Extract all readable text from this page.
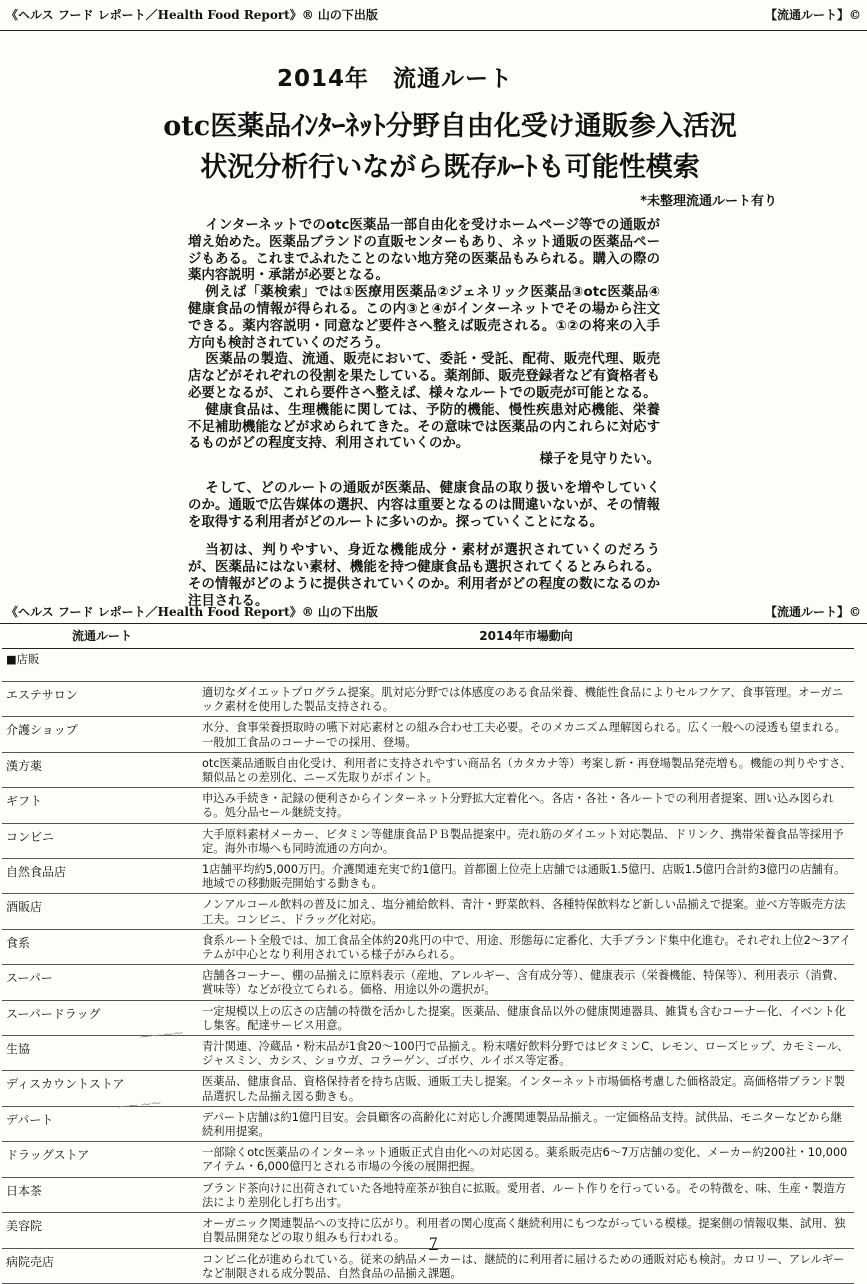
《ヘルス フード レポート／Health Food Report》® 山の下出版	【流通ルート】©
2014年　流通ルート
otc医薬品ｲﾝﾀｰﾈｯﾄ分野自由化受け通販参入活況
状況分析行いながら既存ﾙｰﾄも可能性模索
*未整理流通ルート有り

インターネットでのotc医薬品一部自由化を受けホームページ等での通販が増え始めた。医薬品ブランドの直販センターもあり、ネット通販の医薬品ページもある。これまでふれたことのない地方発の医薬品もみられる。購入の際の薬内容説明・承諾が必要となる。

例えば「薬検索」では①医療用医薬品②ジェネリック医薬品③otc医薬品④健康食品の情報が得られる。この内③と④がインターネットでその場から注文できる。薬内容説明・同意など要件さへ整えば販売される。①②の将来の入手方向も検討されていくのだろう。

医薬品の製造、流通、販売において、委託・受託、配荷、販売代理、販売店などがそれぞれの役割を果たしている。薬剤師、販売登録者など有資格者も必要となるが、これら要件さへ整えば、様々なルートでの販売が可能となる。

健康食品は、生理機能に関しては、予防的機能、慢性疾患対応機能、栄養不足補助機能などが求められてきた。その意味では医薬品の内これらに対応するものがどの程度支持、利用されていくのか。

様子を見守りたい。

そして、どのルートの通販が医薬品、健康食品の取り扱いを増やしていくのか。通販で広告媒体の選択、内容は重要となるのは間違いないが、その情報を取得する利用者がどのルートに多いのか。探っていくことになる。

当初は、判りやすい、身近な機能成分・素材が選択されていくのだろうが、医薬品にはない素材、機能を持つ健康食品も選択されてくるとみられる。その情報がどのように提供されていくのか。利用者がどの程度の数になるのか注目される。

《ヘルス フード レポート／Health Food Report》® 山の下出版	【流通ルート】©
流通ルート	2014年市場動向
■店販	
エステサロン	適切なダイエットプログラム提案。肌対応分野では体感度のある食品栄養、機能性食品によりセルフケア、食事管理。オーガニック素材を使用した製品支持される。
介護ショップ	水分、食事栄養摂取時の嚥下対応素材との組み合わせ工夫必要。そのメカニズム理解図られる。広く一般への浸透も望まれる。一般加工食品のコーナーでの採用、登場。
漢方薬	otc医薬品通販自由化受け、利用者に支持されやすい商品名（カタカナ等）考案し新・再登場製品発売増も。機能の判りやすさ、類似品との差別化、ニーズ先取りがポイント。
ギフト	申込み手続き・記録の便利さからインターネット分野拡大定着化へ。各店・各社・各ルートでの利用者提案、囲い込み図られる。処分品セール継続支持。
コンビニ	大手原料素材メーカー、ビタミン等健康食品ＰＢ製品提案中。売れ筋のダイエット対応製品、ドリンク、携帯栄養食品等採用予定。海外市場へも同時流通の方向か。
自然食品店	1店舗平均約5,000万円。介護関連充実で約1億円。首都圏上位売上店舗では通販1.5億円、店販1.5億円合計約3億円の店舗有。地域での移動販売開始する動きも。
酒販店	ノンアルコール飲料の普及に加え、塩分補給飲料、青汁・野菜飲料、各種特保飲料など新しい品揃えで提案。並べ方等販売方法工夫。コンビニ、ドラッグ化対応。
食系	食系ルート全般では、加工食品全体約20兆円の中で、用途、形態毎に定番化、大手ブランド集中化進む。それぞれ上位2～3アイテムが中心となり利用されている様子がみられる。
スーパー	店舗各コーナー、棚の品揃えに原料表示（産地、アレルギー、含有成分等）、健康表示（栄養機能、特保等）、利用表示（消費、賞味等）などが役立てられる。価格、用途以外の選択が。
スーパードラッグ	一定規模以上の広さの店舗の特徴を活かした提案。医薬品、健康食品以外の健康関連器具、雑貨も含むコーナー化、イベント化し集客。配達サービス用意。
生協	青汁関連、冷蔵品・粉末品が1食20～100円で品揃え。粉末嗜好飲料分野ではビタミンC、レモン、ローズヒップ、カモミール、ジャスミン、カシス、ショウガ、コラーゲン、ゴボウ、ルイボス等定番。
ディスカウントストア	医薬品、健康食品、資格保持者を持ち店販、通販工夫し提案。インターネット市場価格考慮した価格設定。高価格帯ブランド製品選択した品揃え図る動きも。
デパート	デパート店舗は約1億円目安。会員顧客の高齢化に対応し介護関連製品品揃え。一定価格品支持。試供品、モニターなどから継続利用提案。
ドラッグストア	一部除くotc医薬品のインターネット通販正式自由化への対応図る。薬系販売店6～7万店舗の変化、メーカー約200社・10,000アイテム・6,000億円とされる市場の今後の展開把握。
日本茶	ブランド茶向けに出荷されていた各地特産茶が独自に拡販。愛用者、ルート作りを行っている。その特徴を、味、生産・製造方法により差別化し打ち出す。
美容院	オーガニック関連製品への支持に広がり。利用者の関心度高く継続利用にもつながっている模様。提案側の情報収集、試用、独自製品開発などの取り組みも行われる。
病院売店	コンビニ化が進められている。従来の納品メーカーは、継続的に利用者に届けるための通販対応も検討。カロリー、アレルギーなど制限される成分製品、自然食品の品揃え課題。
⁓⁓ ⁓⁓
⁓⁓ ⁓⁓
7
